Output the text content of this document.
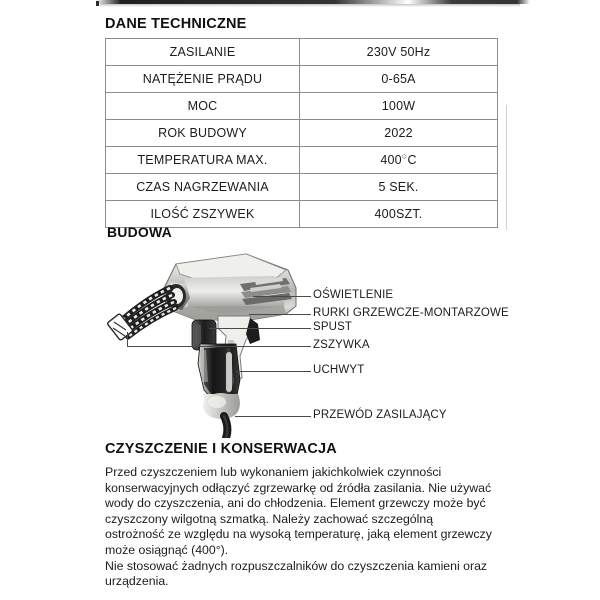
DANE TECHNICZNE
ZASILANIE	230V 50Hz
NATĘŻENIE PRĄDU	0-65A
MOC	100W
ROK BUDOWY	2022
TEMPERATURA MAX.	400○C
CZAS NAGRZEWANIA	5 SEK.
ILOŚĆ ZSZYWEK	400SZT.
BUDOWA
OŚWIETLENIE
RURKI GRZEWCZE-MONTARZOWE
SPUST
ZSZYWKA
UCHWYT
PRZEWÓD ZASILAJĄCY
CZYSZCZENIE I KONSERWACJA

Przed czyszczeniem lub wykonaniem jakichkolwiek czynności konserwacyjnych odłączyć zgrzewarkę od źródła zasilania. Nie używać wody do czyszczenia, ani do chłodzenia. Element grzewczy może być czyszczony wilgotną szmatką. Należy zachować szczególną ostrożność ze względu na wysoką temperaturę, jaką element grzewczy może osiągnąć (400°).

Nie stosować żadnych rozpuszczalników do czyszczenia kamieni oraz urządzenia.
